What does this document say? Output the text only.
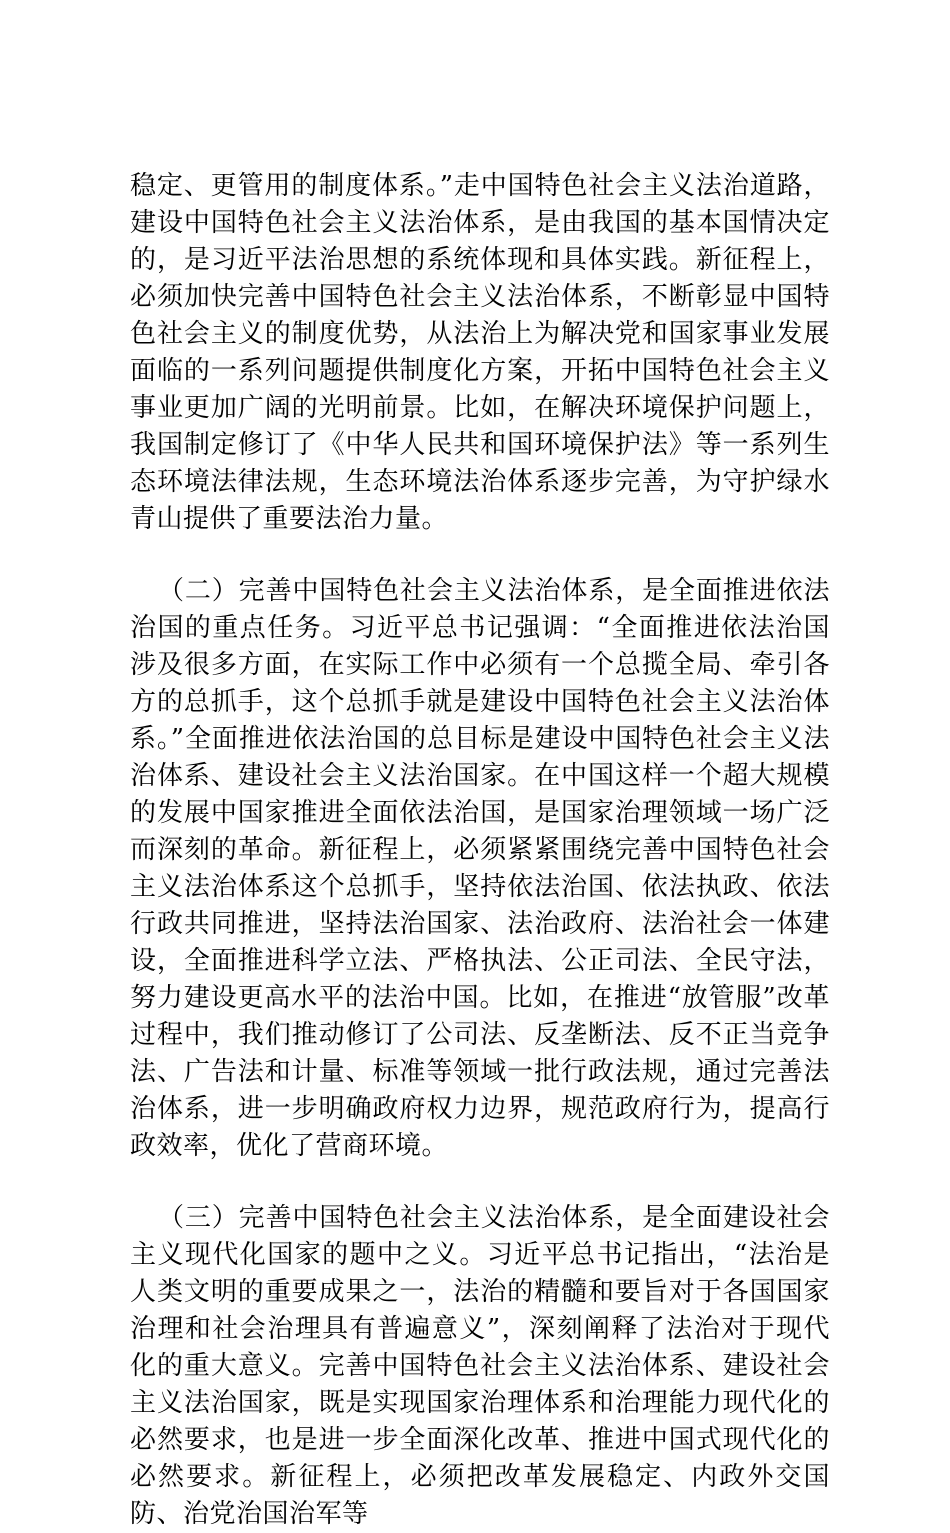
稳定、更管用的制度体系。”走中国特色社会主义法治道路，建设中国特色社会主义法治体系，是由我国的基本国情决定的，是习近平法治思想的系统体现和具体实践。新征程上，必须加快完善中国特色社会主义法治体系，不断彰显中国特色社会主义的制度优势，从法治上为解决党和国家事业发展面临的一系列问题提供制度化方案，开拓中国特色社会主义事业更加广阔的光明前景。比如，在解决环境保护问题上，我国制定修订了《中华人民共和国环境保护法》等一系列生态环境法律法规，生态环境法治体系逐步完善，为守护绿水青山提供了重要法治力量。

（二）完善中国特色社会主义法治体系，是全面推进依法治国的重点任务。习近平总书记强调：“全面推进依法治国涉及很多方面，在实际工作中必须有一个总揽全局、牵引各方的总抓手，这个总抓手就是建设中国特色社会主义法治体系。”全面推进依法治国的总目标是建设中国特色社会主义法治体系、建设社会主义法治国家。在中国这样一个超大规模的发展中国家推进全面依法治国，是国家治理领域一场广泛而深刻的革命。新征程上，必须紧紧围绕完善中国特色社会主义法治体系这个总抓手，坚持依法治国、依法执政、依法行政共同推进，坚持法治国家、法治政府、法治社会一体建设，全面推进科学立法、严格执法、公正司法、全民守法，努力建设更高水平的法治中国。比如，在推进“放管服”改革过程中，我们推动修订了公司法、反垄断法、反不正当竞争法、广告法和计量、标准等领域一批行政法规，通过完善法治体系，进一步明确政府权力边界，规范政府行为，提高行政效率，优化了营商环境。

（三）完善中国特色社会主义法治体系，是全面建设社会主义现代化国家的题中之义。习近平总书记指出，“法治是人类文明的重要成果之一，法治的精髓和要旨对于各国国家治理和社会治理具有普遍意义”，深刻阐释了法治对于现代化的重大意义。完善中国特色社会主义法治体系、建设社会主义法治国家，既是实现国家治理体系和治理能力现代化的必然要求，也是进一步全面深化改革、推进中国式现代化的必然要求。新征程上，必须把改革发展稳定、内政外交国防、治党治国治军等
